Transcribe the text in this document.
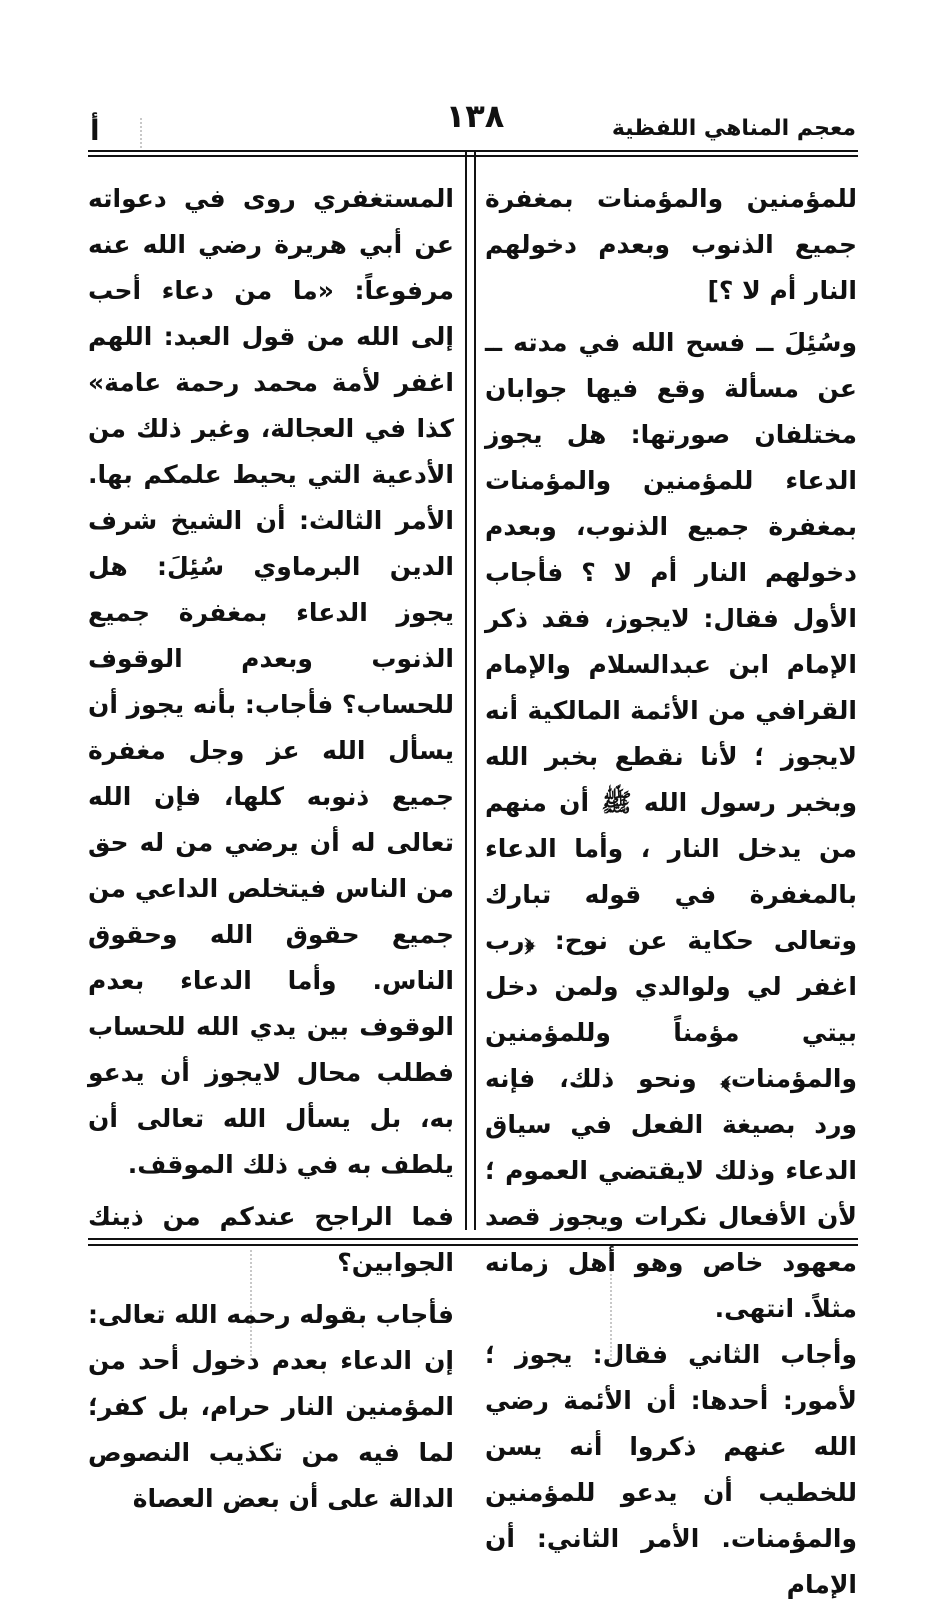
معجم المناهي اللفظية
١٣٨
أ

للمؤمنين والمؤمنات بمغفرة جميع الذنوب وبعدم دخولهم النار أم لا ؟]

وسُئِلَ ــ فسح الله في مدته ــ عن مسألة وقع فيها جوابان مختلفان صورتها: هل يجوز الدعاء للمؤمنين والمؤمنات بمغفرة جميع الذنوب، وبعدم دخولهم النار أم لا ؟ فأجاب الأول فقال: لايجوز، فقد ذكر الإمام ابن عبدالسلام والإمام القرافي من الأئمة المالكية أنه لايجوز ؛ لأنا نقطع بخبر الله وبخبر رسول الله ﷺ أن منهم من يدخل النار ، وأما الدعاء بالمغفرة في قوله تبارك وتعالى حكاية عن نوح: ﴿رب اغفر لي ولوالدي ولمن دخل بيتي مؤمناً وللمؤمنين والمؤمنات﴾ ونحو ذلك، فإنه ورد بصيغة الفعل في سياق الدعاء وذلك لايقتضي العموم ؛ لأن الأفعال نكرات ويجوز قصد معهود خاص وهو أهل زمانه مثلاً. انتهى.

وأجاب الثاني فقال: يجوز ؛ لأمور: أحدها: أن الأئمة رضي الله عنهم ذكروا أنه يسن للخطيب أن يدعو للمؤمنين والمؤمنات. الأمر الثاني: أن الإمام

المستغفري روى في دعواته عن أبي هريرة رضي الله عنه مرفوعاً: «ما من دعاء أحب إلى الله من قول العبد: اللهم اغفر لأمة محمد رحمة عامة» كذا في العجالة، وغير ذلك من الأدعية التي يحيط علمكم بها. الأمر الثالث: أن الشيخ شرف الدين البرماوي سُئِلَ: هل يجوز الدعاء بمغفرة جميع الذنوب وبعدم الوقوف للحساب؟ فأجاب: بأنه يجوز أن يسأل الله عز وجل مغفرة جميع ذنوبه كلها، فإن الله تعالى له أن يرضي من له حق من الناس فيتخلص الداعي من جميع حقوق الله وحقوق الناس. وأما الدعاء بعدم الوقوف بين يدي الله للحساب فطلب محال لايجوز أن يدعو به، بل يسأل الله تعالى أن يلطف به في ذلك الموقف.

فما الراجح عندكم من ذينك الجوابين؟

فأجاب بقوله رحمه الله تعالى: إن الدعاء بعدم دخول أحد من المؤمنين النار حرام، بل كفر؛ لما فيه من تكذيب النصوص الدالة على أن بعض العصاة
